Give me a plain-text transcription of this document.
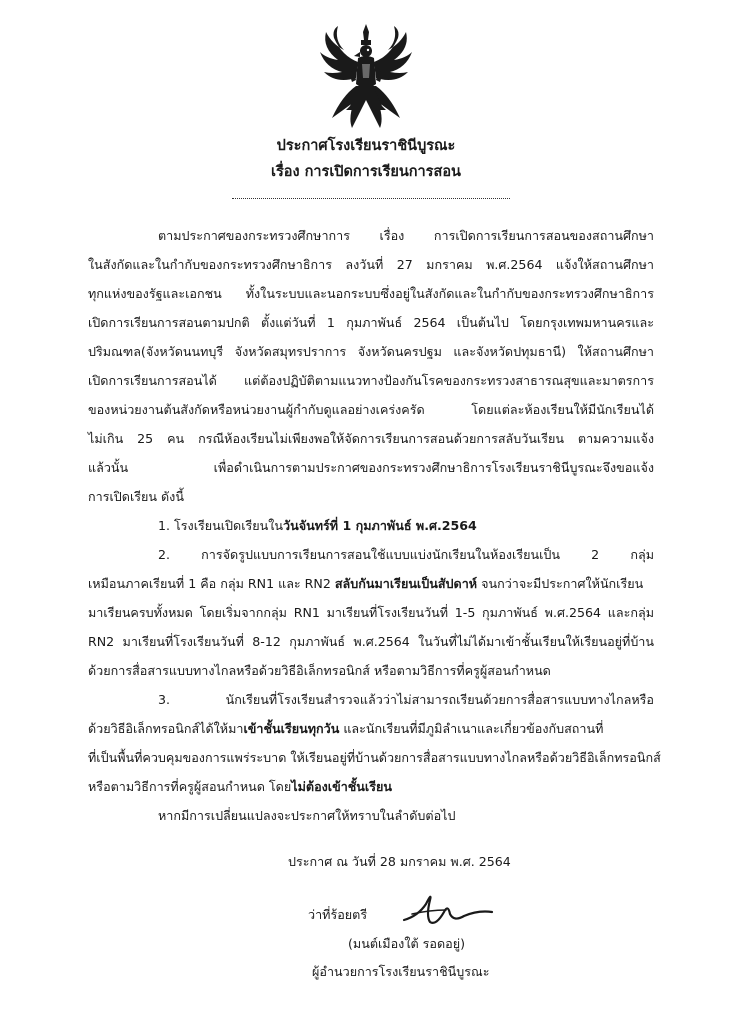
ประกาศโรงเรียนราชินีบูรณะ
เรื่อง การเปิดการเรียนการสอน
ตามประกาศของกระทรวงศึกษาการ เรื่อง การเปิดการเรียนการสอนของสถานศึกษา
ในสังกัดและในกำกับของกระทรวงศึกษาธิการ ลงวันที่ 27 มกราคม พ.ศ.2564 แจ้งให้สถานศึกษา
ทุกแห่งของรัฐและเอกชน ทั้งในระบบและนอกระบบซึ่งอยู่ในสังกัดและในกำกับของกระทรวงศึกษาธิการ
เปิดการเรียนการสอนตามปกติ ตั้งแต่วันที่ 1 กุมภาพันธ์ 2564 เป็นต้นไป โดยกรุงเทพมหานครและ
ปริมณฑล(จังหวัดนนทบุรี จังหวัดสมุทรปราการ จังหวัดนครปฐม และจังหวัดปทุมธานี) ให้สถานศึกษา
เปิดการเรียนการสอนได้ แต่ต้องปฏิบัติตามแนวทางป้องกันโรคของกระทรวงสาธารณสุขและมาตรการ
ของหน่วยงานต้นสังกัดหรือหน่วยงานผู้กำกับดูแลอย่างเคร่งครัด โดยแต่ละห้องเรียนให้มีนักเรียนได้
ไม่เกิน 25 คน กรณีห้องเรียนไม่เพียงพอให้จัดการเรียนการสอนด้วยการสลับวันเรียน ตามความแจ้ง
แล้วนั้น เพื่อดำเนินการตามประกาศของกระทรวงศึกษาธิการโรงเรียนราชินีบูรณะจึงขอแจ้ง
การเปิดเรียน ดังนี้
1. โรงเรียนเปิดเรียนในวันจันทร์ที่ 1 กุมภาพันธ์ พ.ศ.2564
2. การจัดรูปแบบการเรียนการสอนใช้แบบแบ่งนักเรียนในห้องเรียนเป็น 2 กลุ่ม
เหมือนภาคเรียนที่ 1 คือ กลุ่ม RN1 และ RN2 สลับกันมาเรียนเป็นสัปดาห์ จนกว่าจะมีประกาศให้นักเรียน
มาเรียนครบทั้งหมด โดยเริ่มจากกลุ่ม RN1 มาเรียนที่โรงเรียนวันที่ 1-5 กุมภาพันธ์ พ.ศ.2564 และกลุ่ม
RN2 มาเรียนที่โรงเรียนวันที่ 8-12 กุมภาพันธ์ พ.ศ.2564 ในวันที่ไม่ได้มาเข้าชั้นเรียนให้เรียนอยู่ที่บ้าน
ด้วยการสื่อสารแบบทางไกลหรือด้วยวิธีอิเล็กทรอนิกส์ หรือตามวิธีการที่ครูผู้สอนกำหนด
3. นักเรียนที่โรงเรียนสำรวจแล้วว่าไม่สามารถเรียนด้วยการสื่อสารแบบทางไกลหรือ
ด้วยวิธีอิเล็กทรอนิกส์ได้ให้มาเข้าชั้นเรียนทุกวัน และนักเรียนที่มีภูมิลำเนาและเกี่ยวข้องกับสถานที่
ที่เป็นพื้นที่ควบคุมของการแพร่ระบาด ให้เรียนอยู่ที่บ้านด้วยการสื่อสารแบบทางไกลหรือด้วยวิธีอิเล็กทรอนิกส์
หรือตามวิธีการที่ครูผู้สอนกำหนด โดยไม่ต้องเข้าชั้นเรียน
หากมีการเปลี่ยนแปลงจะประกาศให้ทราบในลำดับต่อไป
ประกาศ ณ วันที่ 28 มกราคม พ.ศ. 2564
ว่าที่ร้อยตรี
(มนต์เมืองใต้ รอดอยู่)
ผู้อำนวยการโรงเรียนราชินีบูรณะ
